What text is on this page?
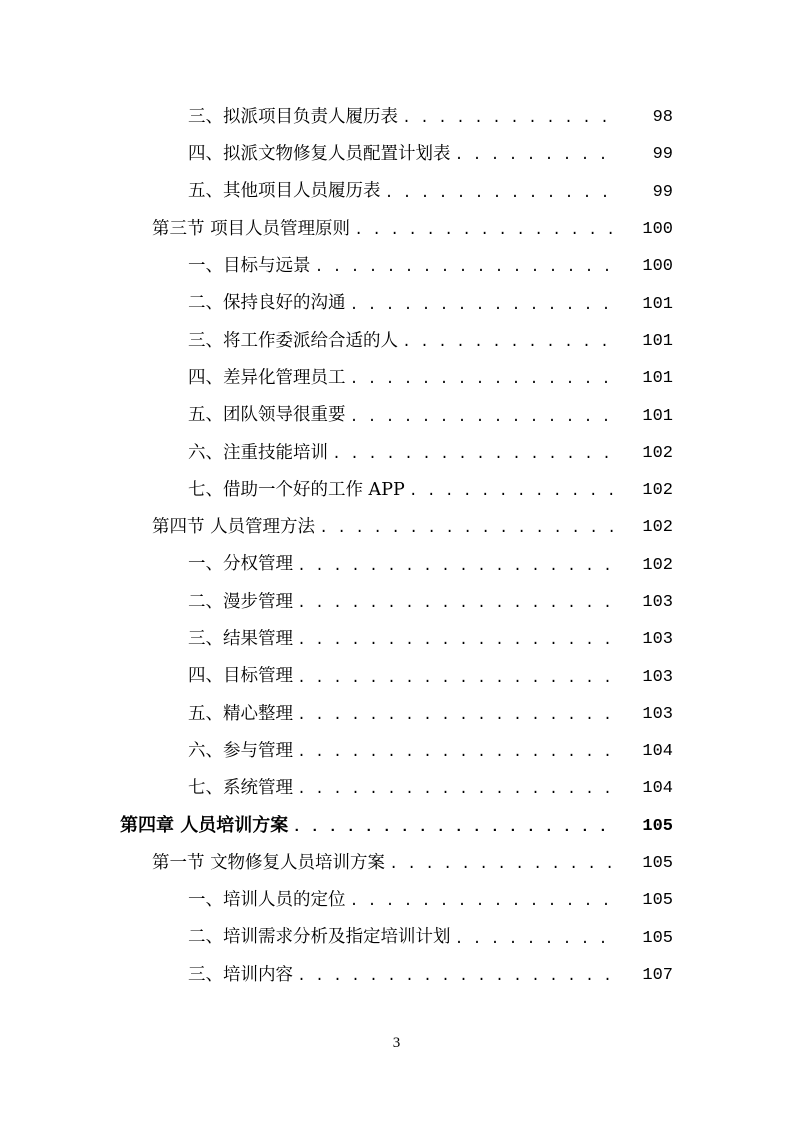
三、拟派项目负责人履历表 . . .	98
四、拟派文物修复人员配置计划表 . . .	99
五、其他项目人员履历表 . . .	99
第三节 项目人员管理原则 . . .	100
一、目标与远景 . . .	100
二、保持良好的沟通 . . .	101
三、将工作委派给合适的人 . . .	101
四、差异化管理员工 . . .	101
五、团队领导很重要 . . .	101
六、注重技能培训 . . .	102
七、借助一个好的工作 APP . . .	102
第四节 人员管理方法 . . .	102
一、分权管理 . . .	102
二、漫步管理 . . .	103
三、结果管理 . . .	103
四、目标管理 . . .	103
五、精心整理 . . .	103
六、参与管理 . . .	104
七、系统管理 . . .	104
第四章 人员培训方案 . . .	105
第一节 文物修复人员培训方案 . . .	105
一、培训人员的定位 . . .	105
二、培训需求分析及指定培训计划 . . .	105
三、培训内容 . . .	107
3
